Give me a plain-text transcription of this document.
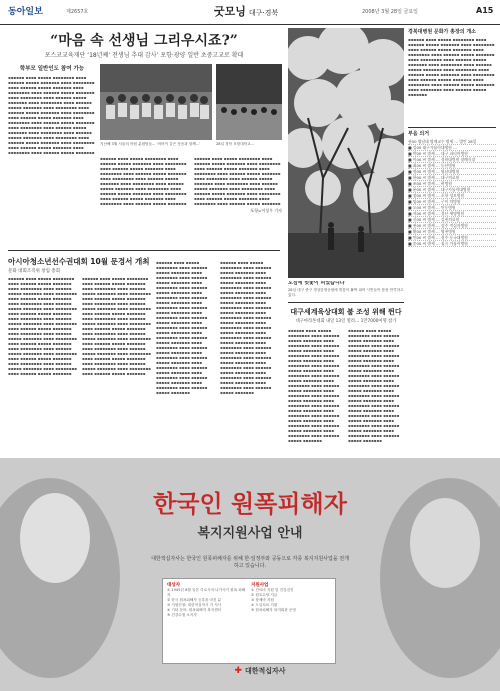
동아일보	제2657호	굿모닝 대구·경북	2008년 3월 28일 금요일	A15
“마음 속 선생님 그리우시죠?”
포스코교육재단 ‘18년째’ 전생님 추대 감사’ 포항·광양 일반 초중고교로 확대
학부모 일반인도 참여 가능
▪▪▪▪▪▪ ▪▪▪▪ ▪▪▪▪▪ ▪▪▪▪▪▪▪▪ ▪▪▪▪ ▪▪▪▪▪▪ ▪▪▪▪▪ ▪▪▪▪▪▪▪ ▪▪▪▪ ▪▪▪▪▪▪▪▪ ▪▪▪▪ ▪▪▪▪▪▪ ▪▪▪▪▪ ▪▪▪▪▪▪▪ ▪▪▪▪ ▪▪▪▪▪▪▪▪ ▪▪▪▪ ▪▪▪▪▪▪ ▪▪▪▪▪ ▪▪▪▪▪▪▪ ▪▪▪▪ ▪▪▪▪▪▪▪▪ ▪▪▪▪ ▪▪▪▪▪▪ ▪▪▪▪▪ ▪▪▪▪▪▪▪ ▪▪▪▪ ▪▪▪▪▪▪▪▪ ▪▪▪▪ ▪▪▪▪▪▪ ▪▪▪▪▪ ▪▪▪▪▪▪▪ ▪▪▪▪ ▪▪▪▪▪▪▪▪ ▪▪▪▪ ▪▪▪▪▪▪ ▪▪▪▪▪ ▪▪▪▪▪▪▪ ▪▪▪▪ ▪▪▪▪▪▪▪▪ ▪▪▪▪ ▪▪▪▪▪▪ ▪▪▪▪▪ ▪▪▪▪▪▪▪ ▪▪▪▪ ▪▪▪▪▪▪▪▪ ▪▪▪▪ ▪▪▪▪▪▪ ▪▪▪▪▪ ▪▪▪▪▪▪▪ ▪▪▪▪ ▪▪▪▪▪▪▪▪ ▪▪▪▪ ▪▪▪▪▪▪ ▪▪▪▪▪ ▪▪▪▪▪▪▪ ▪▪▪▪ ▪▪▪▪▪▪▪▪ ▪▪▪▪ ▪▪▪▪▪▪ ▪▪▪▪▪ ▪▪▪▪▪▪▪ ▪▪▪▪ ▪▪▪▪▪▪▪▪ ▪▪▪▪ ▪▪▪▪▪▪ ▪▪▪▪▪ ▪▪▪▪▪▪▪ ▪▪▪▪ ▪▪▪▪▪▪▪▪ ▪▪▪▪ ▪▪▪▪▪▪ ▪▪▪▪▪ ▪▪▪▪▪▪▪ ▪▪▪▪ ▪▪▪▪▪▪▪▪ ▪▪▪▪ ▪▪▪▪▪▪ ▪▪▪▪▪ ▪▪▪▪▪▪▪
지난해 3월 서울의 아원 분원팀들... ‘어버이 같은 웃음과 함께...’	28일 경북 포항대학교...
▪▪▪▪▪▪ ▪▪▪▪ ▪▪▪▪▪ ▪▪▪▪▪▪▪▪ ▪▪▪▪ ▪▪▪▪▪▪ ▪▪▪▪▪ ▪▪▪▪▪▪▪ ▪▪▪▪ ▪▪▪▪▪▪▪▪ ▪▪▪▪ ▪▪▪▪▪▪ ▪▪▪▪▪ ▪▪▪▪▪▪▪ ▪▪▪▪ ▪▪▪▪▪▪▪▪ ▪▪▪▪ ▪▪▪▪▪▪ ▪▪▪▪▪ ▪▪▪▪▪▪▪ ▪▪▪▪ ▪▪▪▪▪▪▪▪ ▪▪▪▪ ▪▪▪▪▪▪ ▪▪▪▪▪ ▪▪▪▪▪▪▪ ▪▪▪▪ ▪▪▪▪▪▪▪▪ ▪▪▪▪ ▪▪▪▪▪▪ ▪▪▪▪▪ ▪▪▪▪▪▪▪ ▪▪▪▪ ▪▪▪▪▪▪▪▪ ▪▪▪▪ ▪▪▪▪▪▪ ▪▪▪▪▪ ▪▪▪▪▪▪▪ ▪▪▪▪ ▪▪▪▪▪▪▪▪ ▪▪▪▪ ▪▪▪▪▪▪ ▪▪▪▪▪ ▪▪▪▪▪▪▪ ▪▪▪▪ ▪▪▪▪▪▪▪▪ ▪▪▪▪ ▪▪▪▪▪▪ ▪▪▪▪▪ ▪▪▪▪▪▪▪
▪▪▪▪▪▪ ▪▪▪▪ ▪▪▪▪▪ ▪▪▪▪▪▪▪▪ ▪▪▪▪ ▪▪▪▪▪▪ ▪▪▪▪▪ ▪▪▪▪▪▪▪ ▪▪▪▪ ▪▪▪▪▪▪▪▪ ▪▪▪▪ ▪▪▪▪▪▪ ▪▪▪▪▪ ▪▪▪▪▪▪▪ ▪▪▪▪ ▪▪▪▪▪▪▪▪ ▪▪▪▪ ▪▪▪▪▪▪ ▪▪▪▪▪ ▪▪▪▪▪▪▪ ▪▪▪▪ ▪▪▪▪▪▪▪▪ ▪▪▪▪ ▪▪▪▪▪▪ ▪▪▪▪▪ ▪▪▪▪▪▪▪ ▪▪▪▪ ▪▪▪▪▪▪▪▪ ▪▪▪▪ ▪▪▪▪▪▪ ▪▪▪▪▪ ▪▪▪▪▪▪▪ ▪▪▪▪ ▪▪▪▪▪▪▪▪ ▪▪▪▪ ▪▪▪▪▪▪ ▪▪▪▪▪ ▪▪▪▪▪▪▪ ▪▪▪▪ ▪▪▪▪▪▪▪▪ ▪▪▪▪ ▪▪▪▪▪▪ ▪▪▪▪▪ ▪▪▪▪▪▪▪ ▪▪▪▪ ▪▪▪▪▪▪▪▪ ▪▪▪▪ ▪▪▪▪▪▪ ▪▪▪▪▪ ▪▪▪▪▪▪▪
포항=이성우 기자
아시아청소년선수권대회 10월 문경서 개최
문화 대회조직위 창립 총회
▪▪▪▪▪▪ ▪▪▪▪ ▪▪▪▪▪ ▪▪▪▪▪▪▪▪ ▪▪▪▪ ▪▪▪▪▪▪ ▪▪▪▪▪ ▪▪▪▪▪▪▪ ▪▪▪▪ ▪▪▪▪▪▪▪▪ ▪▪▪▪ ▪▪▪▪▪▪ ▪▪▪▪▪ ▪▪▪▪▪▪▪ ▪▪▪▪ ▪▪▪▪▪▪▪▪ ▪▪▪▪ ▪▪▪▪▪▪ ▪▪▪▪▪ ▪▪▪▪▪▪▪ ▪▪▪▪ ▪▪▪▪▪▪▪▪ ▪▪▪▪ ▪▪▪▪▪▪ ▪▪▪▪▪ ▪▪▪▪▪▪▪ ▪▪▪▪ ▪▪▪▪▪▪▪▪ ▪▪▪▪ ▪▪▪▪▪▪ ▪▪▪▪▪ ▪▪▪▪▪▪▪ ▪▪▪▪ ▪▪▪▪▪▪▪▪ ▪▪▪▪ ▪▪▪▪▪▪ ▪▪▪▪▪ ▪▪▪▪▪▪▪ ▪▪▪▪ ▪▪▪▪▪▪▪▪ ▪▪▪▪ ▪▪▪▪▪▪ ▪▪▪▪▪ ▪▪▪▪▪▪▪ ▪▪▪▪ ▪▪▪▪▪▪▪▪ ▪▪▪▪ ▪▪▪▪▪▪ ▪▪▪▪▪ ▪▪▪▪▪▪▪ ▪▪▪▪ ▪▪▪▪▪▪▪▪ ▪▪▪▪ ▪▪▪▪▪▪ ▪▪▪▪▪ ▪▪▪▪▪▪▪ ▪▪▪▪ ▪▪▪▪▪▪▪▪ ▪▪▪▪ ▪▪▪▪▪▪ ▪▪▪▪▪ ▪▪▪▪▪▪▪ ▪▪▪▪ ▪▪▪▪▪▪▪▪ ▪▪▪▪ ▪▪▪▪▪▪ ▪▪▪▪▪ ▪▪▪▪▪▪▪ ▪▪▪▪ ▪▪▪▪▪▪▪▪ ▪▪▪▪ ▪▪▪▪▪▪ ▪▪▪▪▪ ▪▪▪▪▪▪▪ ▪▪▪▪ ▪▪▪▪▪▪▪▪ ▪▪▪▪ ▪▪▪▪▪▪ ▪▪▪▪▪ ▪▪▪▪▪▪▪
▪▪▪▪▪▪ ▪▪▪▪ ▪▪▪▪▪ ▪▪▪▪▪▪▪▪ ▪▪▪▪ ▪▪▪▪▪▪ ▪▪▪▪▪ ▪▪▪▪▪▪▪ ▪▪▪▪ ▪▪▪▪▪▪▪▪ ▪▪▪▪ ▪▪▪▪▪▪ ▪▪▪▪▪ ▪▪▪▪▪▪▪ ▪▪▪▪ ▪▪▪▪▪▪▪▪ ▪▪▪▪ ▪▪▪▪▪▪ ▪▪▪▪▪ ▪▪▪▪▪▪▪ ▪▪▪▪ ▪▪▪▪▪▪▪▪ ▪▪▪▪ ▪▪▪▪▪▪ ▪▪▪▪▪ ▪▪▪▪▪▪▪ ▪▪▪▪ ▪▪▪▪▪▪▪▪ ▪▪▪▪ ▪▪▪▪▪▪ ▪▪▪▪▪ ▪▪▪▪▪▪▪ ▪▪▪▪ ▪▪▪▪▪▪▪▪ ▪▪▪▪ ▪▪▪▪▪▪ ▪▪▪▪▪ ▪▪▪▪▪▪▪ ▪▪▪▪ ▪▪▪▪▪▪▪▪ ▪▪▪▪ ▪▪▪▪▪▪ ▪▪▪▪▪ ▪▪▪▪▪▪▪ ▪▪▪▪ ▪▪▪▪▪▪▪▪ ▪▪▪▪ ▪▪▪▪▪▪ ▪▪▪▪▪ ▪▪▪▪▪▪▪ ▪▪▪▪ ▪▪▪▪▪▪▪▪ ▪▪▪▪ ▪▪▪▪▪▪ ▪▪▪▪▪ ▪▪▪▪▪▪▪ ▪▪▪▪ ▪▪▪▪▪▪▪▪ ▪▪▪▪ ▪▪▪▪▪▪ ▪▪▪▪▪ ▪▪▪▪▪▪▪ ▪▪▪▪ ▪▪▪▪▪▪▪▪ ▪▪▪▪ ▪▪▪▪▪▪ ▪▪▪▪▪ ▪▪▪▪▪▪▪ ▪▪▪▪ ▪▪▪▪▪▪▪▪ ▪▪▪▪ ▪▪▪▪▪▪ ▪▪▪▪▪ ▪▪▪▪▪▪▪ ▪▪▪▪ ▪▪▪▪▪▪▪▪ ▪▪▪▪ ▪▪▪▪▪▪ ▪▪▪▪▪ ▪▪▪▪▪▪▪
▪▪▪▪▪▪ ▪▪▪▪ ▪▪▪▪▪ ▪▪▪▪▪▪▪▪ ▪▪▪▪ ▪▪▪▪▪▪ ▪▪▪▪▪ ▪▪▪▪▪▪▪ ▪▪▪▪ ▪▪▪▪▪▪▪▪ ▪▪▪▪ ▪▪▪▪▪▪ ▪▪▪▪▪ ▪▪▪▪▪▪▪ ▪▪▪▪ ▪▪▪▪▪▪▪▪ ▪▪▪▪ ▪▪▪▪▪▪ ▪▪▪▪▪ ▪▪▪▪▪▪▪ ▪▪▪▪ ▪▪▪▪▪▪▪▪ ▪▪▪▪ ▪▪▪▪▪▪ ▪▪▪▪▪ ▪▪▪▪▪▪▪ ▪▪▪▪ ▪▪▪▪▪▪▪▪ ▪▪▪▪ ▪▪▪▪▪▪ ▪▪▪▪▪ ▪▪▪▪▪▪▪ ▪▪▪▪ ▪▪▪▪▪▪▪▪ ▪▪▪▪ ▪▪▪▪▪▪ ▪▪▪▪▪ ▪▪▪▪▪▪▪ ▪▪▪▪ ▪▪▪▪▪▪▪▪ ▪▪▪▪ ▪▪▪▪▪▪ ▪▪▪▪▪ ▪▪▪▪▪▪▪ ▪▪▪▪ ▪▪▪▪▪▪▪▪ ▪▪▪▪ ▪▪▪▪▪▪ ▪▪▪▪▪ ▪▪▪▪▪▪▪ ▪▪▪▪ ▪▪▪▪▪▪▪▪ ▪▪▪▪ ▪▪▪▪▪▪ ▪▪▪▪▪ ▪▪▪▪▪▪▪ ▪▪▪▪ ▪▪▪▪▪▪▪▪ ▪▪▪▪ ▪▪▪▪▪▪ ▪▪▪▪▪ ▪▪▪▪▪▪▪ ▪▪▪▪ ▪▪▪▪▪▪▪▪ ▪▪▪▪ ▪▪▪▪▪▪ ▪▪▪▪▪ ▪▪▪▪▪▪▪ ▪▪▪▪ ▪▪▪▪▪▪▪▪ ▪▪▪▪ ▪▪▪▪▪▪ ▪▪▪▪▪ ▪▪▪▪▪▪▪ ▪▪▪▪ ▪▪▪▪▪▪▪▪ ▪▪▪▪ ▪▪▪▪▪▪ ▪▪▪▪▪ ▪▪▪▪▪▪▪
▪▪▪▪▪▪ ▪▪▪▪ ▪▪▪▪▪ ▪▪▪▪▪▪▪▪ ▪▪▪▪ ▪▪▪▪▪▪ ▪▪▪▪▪ ▪▪▪▪▪▪▪ ▪▪▪▪ ▪▪▪▪▪▪▪▪ ▪▪▪▪ ▪▪▪▪▪▪ ▪▪▪▪▪ ▪▪▪▪▪▪▪ ▪▪▪▪ ▪▪▪▪▪▪▪▪ ▪▪▪▪ ▪▪▪▪▪▪ ▪▪▪▪▪ ▪▪▪▪▪▪▪ ▪▪▪▪ ▪▪▪▪▪▪▪▪ ▪▪▪▪ ▪▪▪▪▪▪ ▪▪▪▪▪ ▪▪▪▪▪▪▪ ▪▪▪▪ ▪▪▪▪▪▪▪▪ ▪▪▪▪ ▪▪▪▪▪▪ ▪▪▪▪▪ ▪▪▪▪▪▪▪ ▪▪▪▪ ▪▪▪▪▪▪▪▪ ▪▪▪▪ ▪▪▪▪▪▪ ▪▪▪▪▪ ▪▪▪▪▪▪▪ ▪▪▪▪ ▪▪▪▪▪▪▪▪ ▪▪▪▪ ▪▪▪▪▪▪ ▪▪▪▪▪ ▪▪▪▪▪▪▪ ▪▪▪▪ ▪▪▪▪▪▪▪▪ ▪▪▪▪ ▪▪▪▪▪▪ ▪▪▪▪▪ ▪▪▪▪▪▪▪ ▪▪▪▪ ▪▪▪▪▪▪▪▪ ▪▪▪▪ ▪▪▪▪▪▪ ▪▪▪▪▪ ▪▪▪▪▪▪▪ ▪▪▪▪ ▪▪▪▪▪▪▪▪ ▪▪▪▪ ▪▪▪▪▪▪ ▪▪▪▪▪ ▪▪▪▪▪▪▪ ▪▪▪▪ ▪▪▪▪▪▪▪▪ ▪▪▪▪ ▪▪▪▪▪▪ ▪▪▪▪▪ ▪▪▪▪▪▪▪ ▪▪▪▪ ▪▪▪▪▪▪▪▪ ▪▪▪▪ ▪▪▪▪▪▪ ▪▪▪▪▪ ▪▪▪▪▪▪▪ ▪▪▪▪ ▪▪▪▪▪▪▪▪ ▪▪▪▪ ▪▪▪▪▪▪ ▪▪▪▪▪ ▪▪▪▪▪▪▪
도심에 벚꽃이 피었습니다
28일 대구 중구 경상감영공원에 벚꽃이 활짝 피어 시민들이 봄을 만끽하고 있다.
대구세계육상대회 붐 조성 위해 뛴다
대구마라톤대회 내달 13일 열려… 1만7000여명 참가
▪▪▪▪▪▪ ▪▪▪▪ ▪▪▪▪▪ ▪▪▪▪▪▪▪▪ ▪▪▪▪ ▪▪▪▪▪▪ ▪▪▪▪▪ ▪▪▪▪▪▪▪ ▪▪▪▪ ▪▪▪▪▪▪▪▪ ▪▪▪▪ ▪▪▪▪▪▪ ▪▪▪▪▪ ▪▪▪▪▪▪▪ ▪▪▪▪ ▪▪▪▪▪▪▪▪ ▪▪▪▪ ▪▪▪▪▪▪ ▪▪▪▪▪ ▪▪▪▪▪▪▪ ▪▪▪▪ ▪▪▪▪▪▪▪▪ ▪▪▪▪ ▪▪▪▪▪▪ ▪▪▪▪▪ ▪▪▪▪▪▪▪ ▪▪▪▪ ▪▪▪▪▪▪▪▪ ▪▪▪▪ ▪▪▪▪▪▪ ▪▪▪▪▪ ▪▪▪▪▪▪▪ ▪▪▪▪ ▪▪▪▪▪▪▪▪ ▪▪▪▪ ▪▪▪▪▪▪ ▪▪▪▪▪ ▪▪▪▪▪▪▪ ▪▪▪▪ ▪▪▪▪▪▪▪▪ ▪▪▪▪ ▪▪▪▪▪▪ ▪▪▪▪▪ ▪▪▪▪▪▪▪ ▪▪▪▪ ▪▪▪▪▪▪▪▪ ▪▪▪▪ ▪▪▪▪▪▪ ▪▪▪▪▪ ▪▪▪▪▪▪▪ ▪▪▪▪ ▪▪▪▪▪▪▪▪ ▪▪▪▪ ▪▪▪▪▪▪ ▪▪▪▪▪ ▪▪▪▪▪▪▪ ▪▪▪▪ ▪▪▪▪▪▪▪▪ ▪▪▪▪ ▪▪▪▪▪▪ ▪▪▪▪▪ ▪▪▪▪▪▪▪ ▪▪▪▪ ▪▪▪▪▪▪▪▪ ▪▪▪▪ ▪▪▪▪▪▪ ▪▪▪▪▪ ▪▪▪▪▪▪▪
▪▪▪▪▪▪ ▪▪▪▪ ▪▪▪▪▪ ▪▪▪▪▪▪▪▪ ▪▪▪▪ ▪▪▪▪▪▪ ▪▪▪▪▪ ▪▪▪▪▪▪▪ ▪▪▪▪ ▪▪▪▪▪▪▪▪ ▪▪▪▪ ▪▪▪▪▪▪ ▪▪▪▪▪ ▪▪▪▪▪▪▪ ▪▪▪▪ ▪▪▪▪▪▪▪▪ ▪▪▪▪ ▪▪▪▪▪▪ ▪▪▪▪▪ ▪▪▪▪▪▪▪ ▪▪▪▪ ▪▪▪▪▪▪▪▪ ▪▪▪▪ ▪▪▪▪▪▪ ▪▪▪▪▪ ▪▪▪▪▪▪▪ ▪▪▪▪ ▪▪▪▪▪▪▪▪ ▪▪▪▪ ▪▪▪▪▪▪ ▪▪▪▪▪ ▪▪▪▪▪▪▪ ▪▪▪▪ ▪▪▪▪▪▪▪▪ ▪▪▪▪ ▪▪▪▪▪▪ ▪▪▪▪▪ ▪▪▪▪▪▪▪ ▪▪▪▪ ▪▪▪▪▪▪▪▪ ▪▪▪▪ ▪▪▪▪▪▪ ▪▪▪▪▪ ▪▪▪▪▪▪▪ ▪▪▪▪ ▪▪▪▪▪▪▪▪ ▪▪▪▪ ▪▪▪▪▪▪ ▪▪▪▪▪ ▪▪▪▪▪▪▪ ▪▪▪▪ ▪▪▪▪▪▪▪▪ ▪▪▪▪ ▪▪▪▪▪▪ ▪▪▪▪▪ ▪▪▪▪▪▪▪ ▪▪▪▪ ▪▪▪▪▪▪▪▪ ▪▪▪▪ ▪▪▪▪▪▪ ▪▪▪▪▪ ▪▪▪▪▪▪▪ ▪▪▪▪ ▪▪▪▪▪▪▪▪ ▪▪▪▪ ▪▪▪▪▪▪ ▪▪▪▪▪ ▪▪▪▪▪▪▪
경북대병원 문화가 총장의 개소
▪▪▪▪▪▪ ▪▪▪▪ ▪▪▪▪▪ ▪▪▪▪▪▪▪▪ ▪▪▪▪ ▪▪▪▪▪▪ ▪▪▪▪▪ ▪▪▪▪▪▪▪ ▪▪▪▪ ▪▪▪▪▪▪▪▪ ▪▪▪▪ ▪▪▪▪▪▪ ▪▪▪▪▪ ▪▪▪▪▪▪▪ ▪▪▪▪ ▪▪▪▪▪▪▪▪ ▪▪▪▪ ▪▪▪▪▪▪ ▪▪▪▪▪ ▪▪▪▪▪▪▪ ▪▪▪▪ ▪▪▪▪▪▪▪▪ ▪▪▪▪ ▪▪▪▪▪▪ ▪▪▪▪▪ ▪▪▪▪▪▪▪ ▪▪▪▪ ▪▪▪▪▪▪▪▪ ▪▪▪▪ ▪▪▪▪▪▪ ▪▪▪▪▪ ▪▪▪▪▪▪▪ ▪▪▪▪ ▪▪▪▪▪▪▪▪ ▪▪▪▪ ▪▪▪▪▪▪ ▪▪▪▪▪ ▪▪▪▪▪▪▪ ▪▪▪▪ ▪▪▪▪▪▪▪▪ ▪▪▪▪ ▪▪▪▪▪▪ ▪▪▪▪▪ ▪▪▪▪▪▪▪ ▪▪▪▪ ▪▪▪▪▪▪▪▪ ▪▪▪▪ ▪▪▪▪▪▪ ▪▪▪▪▪ ▪▪▪▪▪▪▪ ▪▪▪▪ ▪▪▪▪▪▪▪▪ ▪▪▪▪ ▪▪▪▪▪▪ ▪▪▪▪▪ ▪▪▪▪▪▪▪
부음 의거
권00 영남대 명예교수 별세 … 발인 28일
■ 김00 대구가톨릭대병원 …
■ 박00 씨 별세 … 대구 파티마병원
■ 이00 씨 별세 … 경북대병원 장례식장
■ 최00 씨 별세 … 동산병원
■ 정00 씨 별세 … 영남대병원
■ 한00 씨 별세 … 대구의료원
■ 조00 씨 별세 … 곽병원
■ 윤00 씨 별세 … 대구가톨릭대병원
■ 장00 씨 별세 … 포항 성모병원
■ 임00 씨 별세 … 구미 차병원
■ 오00 씨 별세 … 안동병원
■ 서00 씨 별세 … 경산 세명병원
■ 신00 씨 별세 … 김천의료원
■ 권00 씨 별세 … 상주 적십자병원
■ 황00 씨 별세 … 영천병원
■ 안00 씨 별세 … 경주 동국대병원
■ 송00 씨 별세 … 칠곡 가톨릭병원
한국인 원폭피해자
복지지원사업 안내
대한적십자사는 한국인 원폭피해자를 위해 한·일정부와 공동으로 각종 복지지원사업을 전개하고 있습니다.
대상자
① 1945년 8월 일본 히로시마·나가사키 원폭 피해자
② 한국 원폭피해자 등록을 마친 분
③ 지원신청: 대한적십자사 각 지사
④ 기타 문의: 원폭피해자 복지센터
⑤ 건강수첩 소지자
지원사업
① 진료비 지원 및 건강검진
② 원호수당 지급
③ 장제비 지원
④ 도일치료 지원
⑤ 원폭피해자 복지회관 운영
✚ 대한적십자사
